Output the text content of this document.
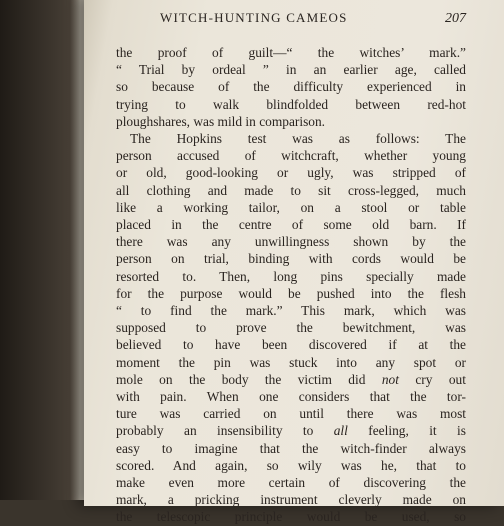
WITCH-HUNTING CAMEOS	207
the proof of guilt—“ the witches’ mark.”
“ Trial by ordeal ” in an earlier age, called
so because of the difficulty experienced in
trying to walk blindfolded between red-hot
ploughshares, was mild in comparison.
The Hopkins test was as follows: The
person accused of witchcraft, whether young
or old, good-looking or ugly, was stripped of
all clothing and made to sit cross-legged, much
like a working tailor, on a stool or table
placed in the centre of some old barn. If
there was any unwillingness shown by the
person on trial, binding with cords would be
resorted to. Then, long pins specially made
for the purpose would be pushed into the flesh
“ to find the mark.” This mark, which was
supposed to prove the bewitchment, was
believed to have been discovered if at the
moment the pin was stuck into any spot or
mole on the body the victim did not cry out
with pain. When one considers that the tor-
ture was carried on until there was most
probably an insensibility to all feeling, it is
easy to imagine that the witch-finder always
scored. And again, so wily was he, that to
make even more certain of discovering the
mark, a pricking instrument cleverly made on
the telescopic principle would be used, so
